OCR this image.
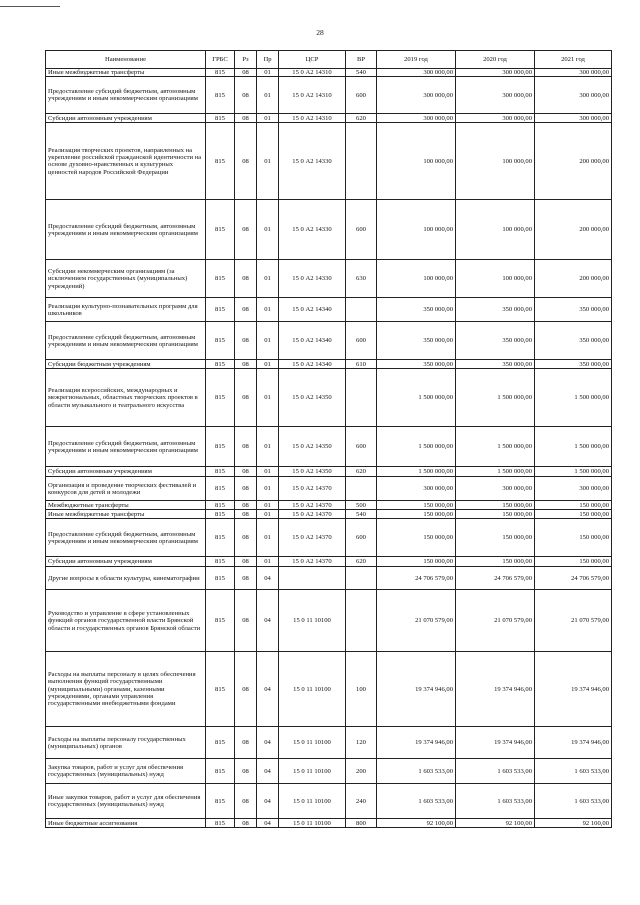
28
Наименование	ГРБС	Рз	Пр	ЦСР	ВР	2019 год	2020 год	2021 год
Иные межбюджетные трансферты	815	08	01	15 0 А2 14310	540	300 000,00	300 000,00	300 000,00
Предоставление субсидий бюджетным, автономным учреждениям и иным некоммерческим организациям	815	08	01	15 0 А2 14310	600	300 000,00	300 000,00	300 000,00
Субсидии автономным учреждениям	815	08	01	15 0 А2 14310	620	300 000,00	300 000,00	300 000,00
Реализация творческих проектов, направленных на укрепление российской гражданской идентичности на основе духовно-нравственных и культурных ценностей народов Российской Федерации	815	08	01	15 0 А2 14330		100 000,00	100 000,00	200 000,00
Предоставление субсидий бюджетным, автономным учреждениям и иным некоммерческим организациям	815	08	01	15 0 А2 14330	600	100 000,00	100 000,00	200 000,00
Субсидии некоммерческим организациям (за исключением государственных (муниципальных) учреждений)	815	08	01	15 0 А2 14330	630	100 000,00	100 000,00	200 000,00
Реализация культурно-познавательных программ для школьников	815	08	01	15 0 А2 14340		350 000,00	350 000,00	350 000,00
Предоставление субсидий бюджетным, автономным учреждениям и иным некоммерческим организациям	815	08	01	15 0 А2 14340	600	350 000,00	350 000,00	350 000,00
Субсидии бюджетным учреждениям	815	08	01	15 0 А2 14340	610	350 000,00	350 000,00	350 000,00
Реализация всероссийских, международных и межрегиональных, областных творческих проектов в области музыкального и театрального искусства	815	08	01	15 0 А2 14350		1 500 000,00	1 500 000,00	1 500 000,00
Предоставление субсидий бюджетным, автономным учреждениям и иным некоммерческим организациям	815	08	01	15 0 А2 14350	600	1 500 000,00	1 500 000,00	1 500 000,00
Субсидии автономным учреждениям	815	08	01	15 0 А2 14350	620	1 500 000,00	1 500 000,00	1 500 000,00
Организация и проведение творческих фестивалей и конкурсов для детей и молодежи	815	08	01	15 0 А2 14370		300 000,00	300 000,00	300 000,00
Межбюджетные трансферты	815	08	01	15 0 А2 14370	500	150 000,00	150 000,00	150 000,00
Иные межбюджетные трансферты	815	08	01	15 0 А2 14370	540	150 000,00	150 000,00	150 000,00
Предоставление субсидий бюджетным, автономным учреждениям и иным некоммерческим организациям	815	08	01	15 0 А2 14370	600	150 000,00	150 000,00	150 000,00
Субсидии автономным учреждениям	815	08	01	15 0 А2 14370	620	150 000,00	150 000,00	150 000,00
Другие вопросы в области культуры, кинематографии	815	08	04			24 706 579,00	24 706 579,00	24 706 579,00
Руководство и управление в сфере установленных функций органов государственной власти Брянской области и государственных органов Брянской области	815	08	04	15 0 11 10100		21 070 579,00	21 070 579,00	21 070 579,00
Расходы на выплаты персоналу в целях обеспечения выполнения функций государственными (муниципальными) органами, казенными учреждениями, органами управления государственными внебюджетными фондами	815	08	04	15 0 11 10100	100	19 374 946,00	19 374 946,00	19 374 946,00
Расходы на выплаты персоналу государственных (муниципальных) органов	815	08	04	15 0 11 10100	120	19 374 946,00	19 374 946,00	19 374 946,00
Закупка товаров, работ и услуг для обеспечения государственных (муниципальных) нужд	815	08	04	15 0 11 10100	200	1 603 533,00	1 603 533,00	1 603 533,00
Иные закупки товаров, работ и услуг для обеспечения государственных (муниципальных) нужд	815	08	04	15 0 11 10100	240	1 603 533,00	1 603 533,00	1 603 533,00
Иные бюджетные ассигнования	815	08	04	15 0 11 10100	800	92 100,00	92 100,00	92 100,00
